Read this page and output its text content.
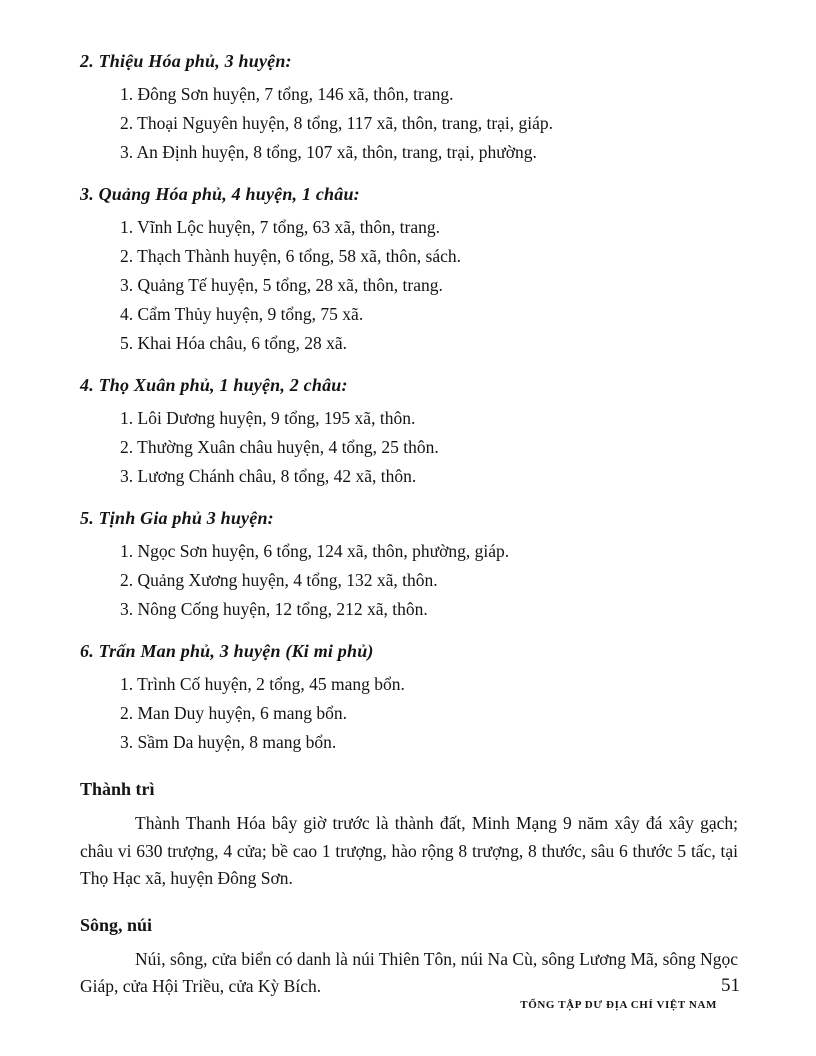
2. Thiệu Hóa phủ, 3 huyện:
1. Đông Sơn huyện, 7 tổng, 146 xã, thôn, trang.
2. Thoại Nguyên huyện, 8 tổng, 117 xã, thôn, trang, trại, giáp.
3. An Định huyện, 8 tổng, 107 xã, thôn, trang, trại, phường.
3. Quảng Hóa phủ, 4 huyện, 1 châu:
1. Vĩnh Lộc huyện, 7 tổng, 63 xã, thôn, trang.
2. Thạch Thành huyện, 6 tổng, 58 xã, thôn, sách.
3. Quảng Tế huyện, 5 tổng, 28 xã, thôn, trang.
4. Cẩm Thủy huyện, 9 tổng, 75 xã.
5. Khai Hóa châu, 6 tổng, 28 xã.
4. Thọ Xuân phủ, 1 huyện, 2 châu:
1. Lôi Dương huyện, 9 tổng, 195 xã, thôn.
2. Thường Xuân châu huyện, 4 tổng, 25 thôn.
3. Lương Chánh châu, 8 tổng, 42 xã, thôn.
5. Tịnh Gia phủ 3 huyện:
1. Ngọc Sơn huyện, 6 tổng, 124 xã, thôn, phường, giáp.
2. Quảng Xương huyện, 4 tổng, 132 xã, thôn.
3. Nông Cống huyện, 12 tổng, 212 xã, thôn.
6. Trấn Man phủ, 3 huyện (Ki mi phủ)
1. Trình Cố huyện, 2 tổng, 45 mang bổn.
2. Man Duy huyện, 6 mang bổn.
3. Sầm Da huyện, 8 mang bổn.
Thành trì

Thành Thanh Hóa bây giờ trước là thành đất, Minh Mạng 9 năm xây đá xây gạch; châu vi 630 trượng, 4 cửa; bề cao 1 trượng, hào rộng 8 trượng, 8 thước, sâu 6 thước 5 tấc, tại Thọ Hạc xã, huyện Đông Sơn.

Sông, núi

Núi, sông, cửa biển có danh là núi Thiên Tôn, núi Na Cù, sông Lương Mã, sông Ngọc Giáp, cửa Hội Triều, cửa Kỳ Bích.	51
TỔNG TẬP DƯ ĐỊA CHÍ VIỆT NAM
